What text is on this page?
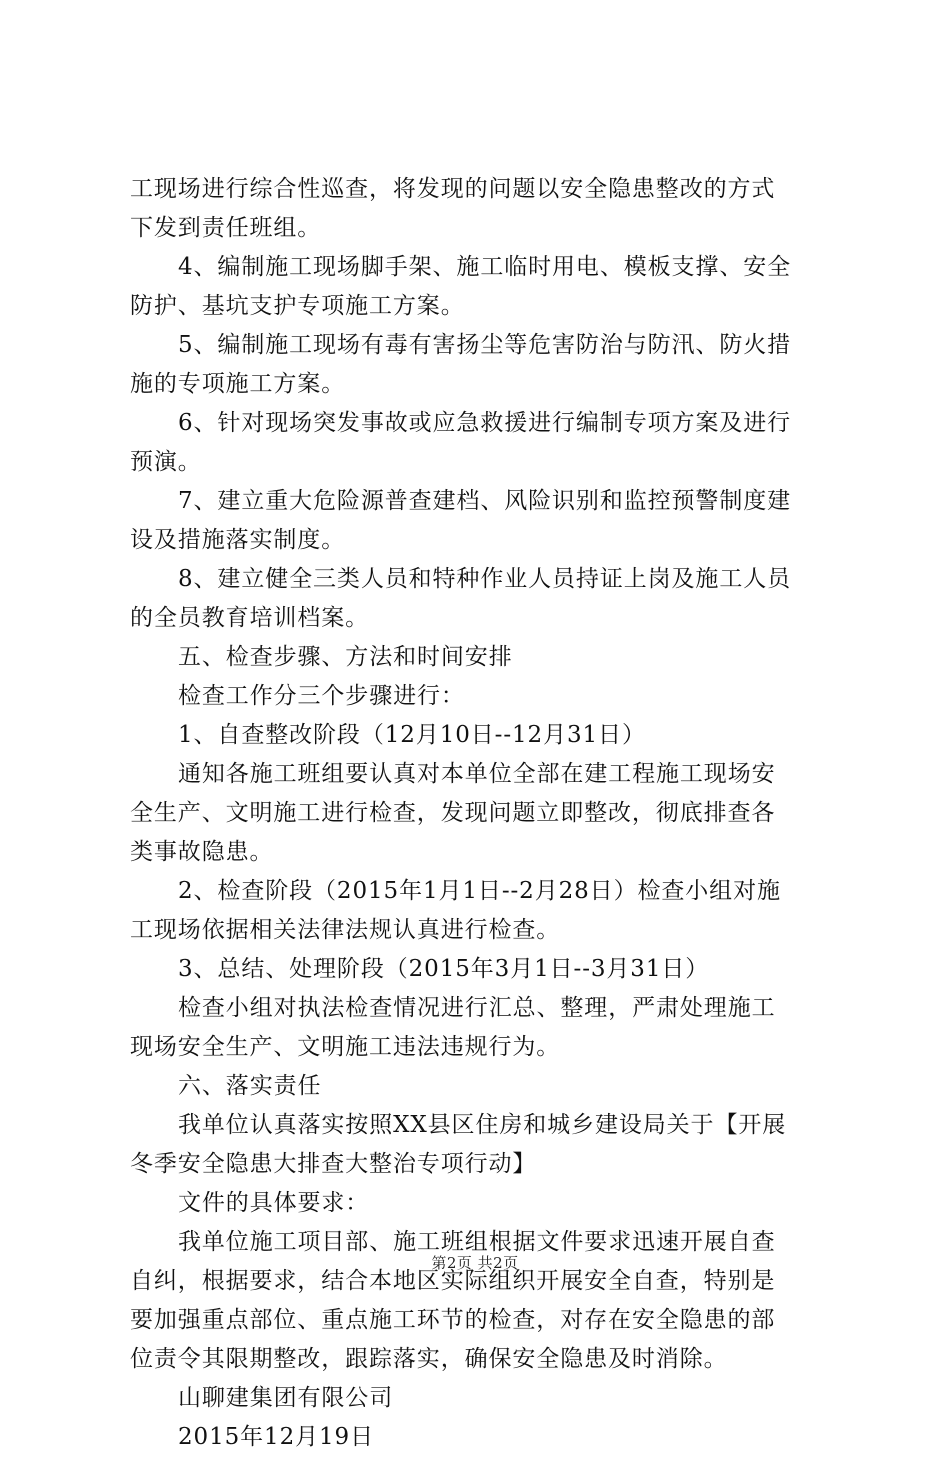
工现场进行综合性巡查，将发现的问题以安全隐患整改的方式
下发到责任班组。
4、编制施工现场脚手架、施工临时用电、模板支撑、安全
防护、基坑支护专项施工方案。
5、编制施工现场有毒有害扬尘等危害防治与防汛、防火措
施的专项施工方案。
6、针对现场突发事故或应急救援进行编制专项方案及进行
预演。
7、建立重大危险源普查建档、风险识别和监控预警制度建
设及措施落实制度。
8、建立健全三类人员和特种作业人员持证上岗及施工人员
的全员教育培训档案。
五、检查步骤、方法和时间安排
检查工作分三个步骤进行：
1、自查整改阶段（12月10日--12月31日）
通知各施工班组要认真对本单位全部在建工程施工现场安
全生产、文明施工进行检查，发现问题立即整改，彻底排查各
类事故隐患。
2、检查阶段（2015年1月1日--2月28日）检查小组对施
工现场依据相关法律法规认真进行检查。
3、总结、处理阶段（2015年3月1日--3月31日）
检查小组对执法检查情况进行汇总、整理，严肃处理施工
现场安全生产、文明施工违法违规行为。
六、落实责任
我单位认真落实按照XX县区住房和城乡建设局关于【开展
冬季安全隐患大排查大整治专项行动】
文件的具体要求：
我单位施工项目部、施工班组根据文件要求迅速开展自查
自纠，根据要求，结合本地区实际组织开展安全自查，特别是
要加强重点部位、重点施工环节的检查，对存在安全隐患的部
位责令其限期整改，跟踪落实，确保安全隐患及时消除。
山聊建集团有限公司
2015年12月19日
第2页 共2页
